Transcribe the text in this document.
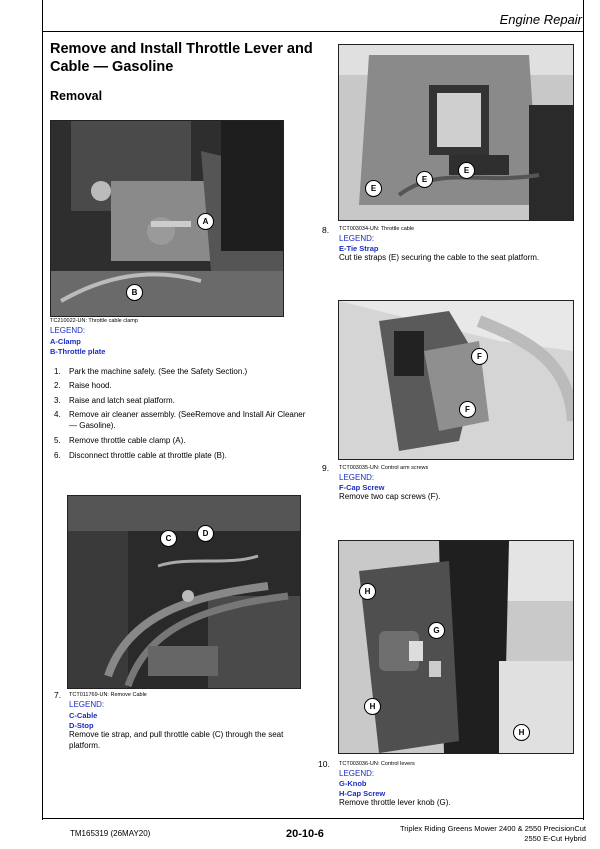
Engine Repair
Remove and Install Throttle Lever and Cable — Gasoline
Removal
A
B
TC210022-UN: Throttle cable clamp
LEGEND:
A-Clamp
B-Throttle plate
1. Park the machine safely. (See the Safety Section.)
2. Raise hood.
3. Raise and latch seat platform.
4. Remove air cleaner assembly. (SeeRemove and Install Air Cleaner — Gasoline).
5. Remove throttle cable clamp (A).
6. Disconnect throttle cable at throttle plate (B).
C
D
7. TCT011769-UN: Remove Cable
LEGEND:
C-Cable
D-Stop
Remove tie strap, and pull throttle cable (C) through the seat platform.
E
E
E
8. TCT003034-UN: Throttle cable
LEGEND:
E-Tie Strap
Cut tie straps (E) securing the cable to the seat platform.
F
F
9. TCT003035-UN: Control arm screws
LEGEND:
F-Cap Screw
Remove two cap screws (F).
H
G
H
H
10. TCT003036-UN: Control levers
LEGEND:
G-Knob
H-Cap Screw
Remove throttle lever knob (G).
TM165319 (26MAY20)	20-10-6	Triplex Riding Greens Mower 2400 & 2550 PrecisionCut
2550 E-Cut Hybrid
